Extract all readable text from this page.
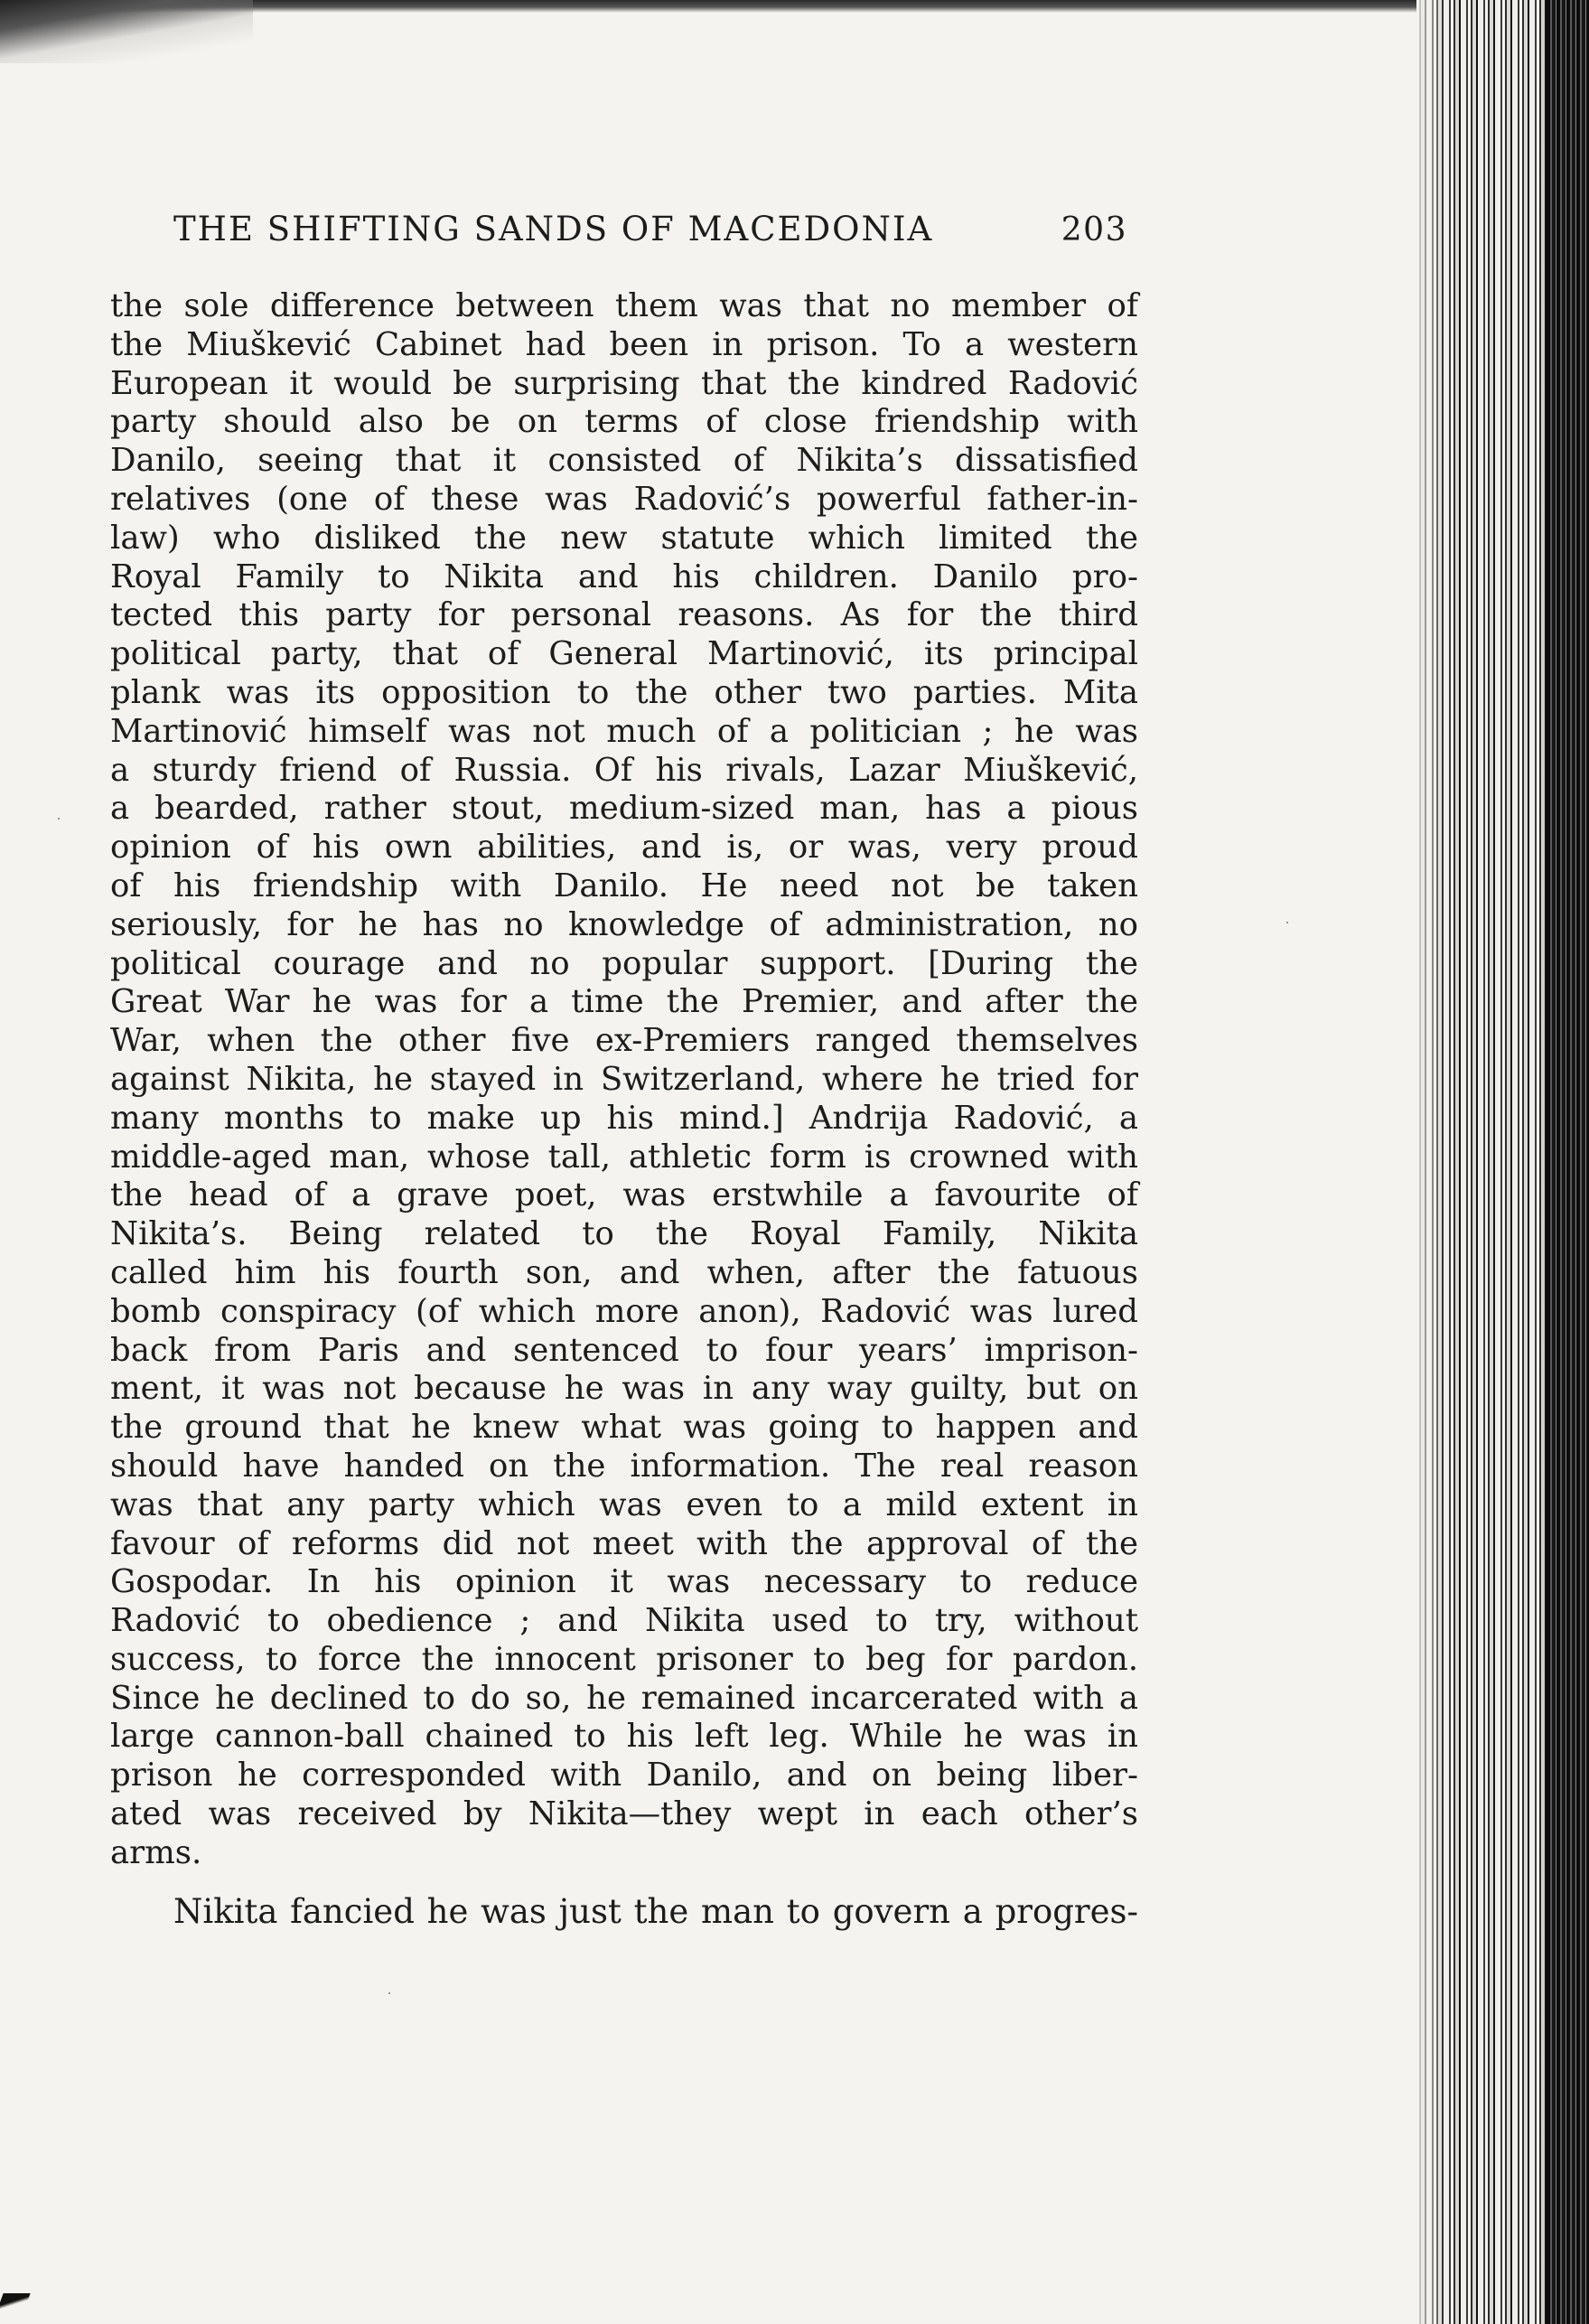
THE SHIFTING SANDS OF MACEDONIA	203
the sole difference between them was that no member of
the Miuškević Cabinet had been in prison. To a western
European it would be surprising that the kindred Radović
party should also be on terms of close friendship with
Danilo, seeing that it consisted of Nikita’s dissatisfied
relatives (one of these was Radović’s powerful father-in-
law) who disliked the new statute which limited the
Royal Family to Nikita and his children. Danilo pro-
tected this party for personal reasons. As for the third
political party, that of General Martinović, its principal
plank was its opposition to the other two parties. Mita
Martinović himself was not much of a politician ; he was
a sturdy friend of Russia. Of his rivals, Lazar Miuškević,
a bearded, rather stout, medium-sized man, has a pious
opinion of his own abilities, and is, or was, very proud
of his friendship with Danilo. He need not be taken
seriously, for he has no knowledge of administration, no
political courage and no popular support. [During the
Great War he was for a time the Premier, and after the
War, when the other five ex-Premiers ranged themselves
against Nikita, he stayed in Switzerland, where he tried for
many months to make up his mind.] Andrija Radović, a
middle-aged man, whose tall, athletic form is crowned with
the head of a grave poet, was erstwhile a favourite of
Nikita’s. Being related to the Royal Family, Nikita
called him his fourth son, and when, after the fatuous
bomb conspiracy (of which more anon), Radović was lured
back from Paris and sentenced to four years’ imprison-
ment, it was not because he was in any way guilty, but on
the ground that he knew what was going to happen and
should have handed on the information. The real reason
was that any party which was even to a mild extent in
favour of reforms did not meet with the approval of the
Gospodar. In his opinion it was necessary to reduce
Radović to obedience ; and Nikita used to try, without
success, to force the innocent prisoner to beg for pardon.
Since he declined to do so, he remained incarcerated with a
large cannon-ball chained to his left leg. While he was in
prison he corresponded with Danilo, and on being liber-
ated was received by Nikita—they wept in each other’s
arms.
Nikita fancied he was just the man to govern a progres-
